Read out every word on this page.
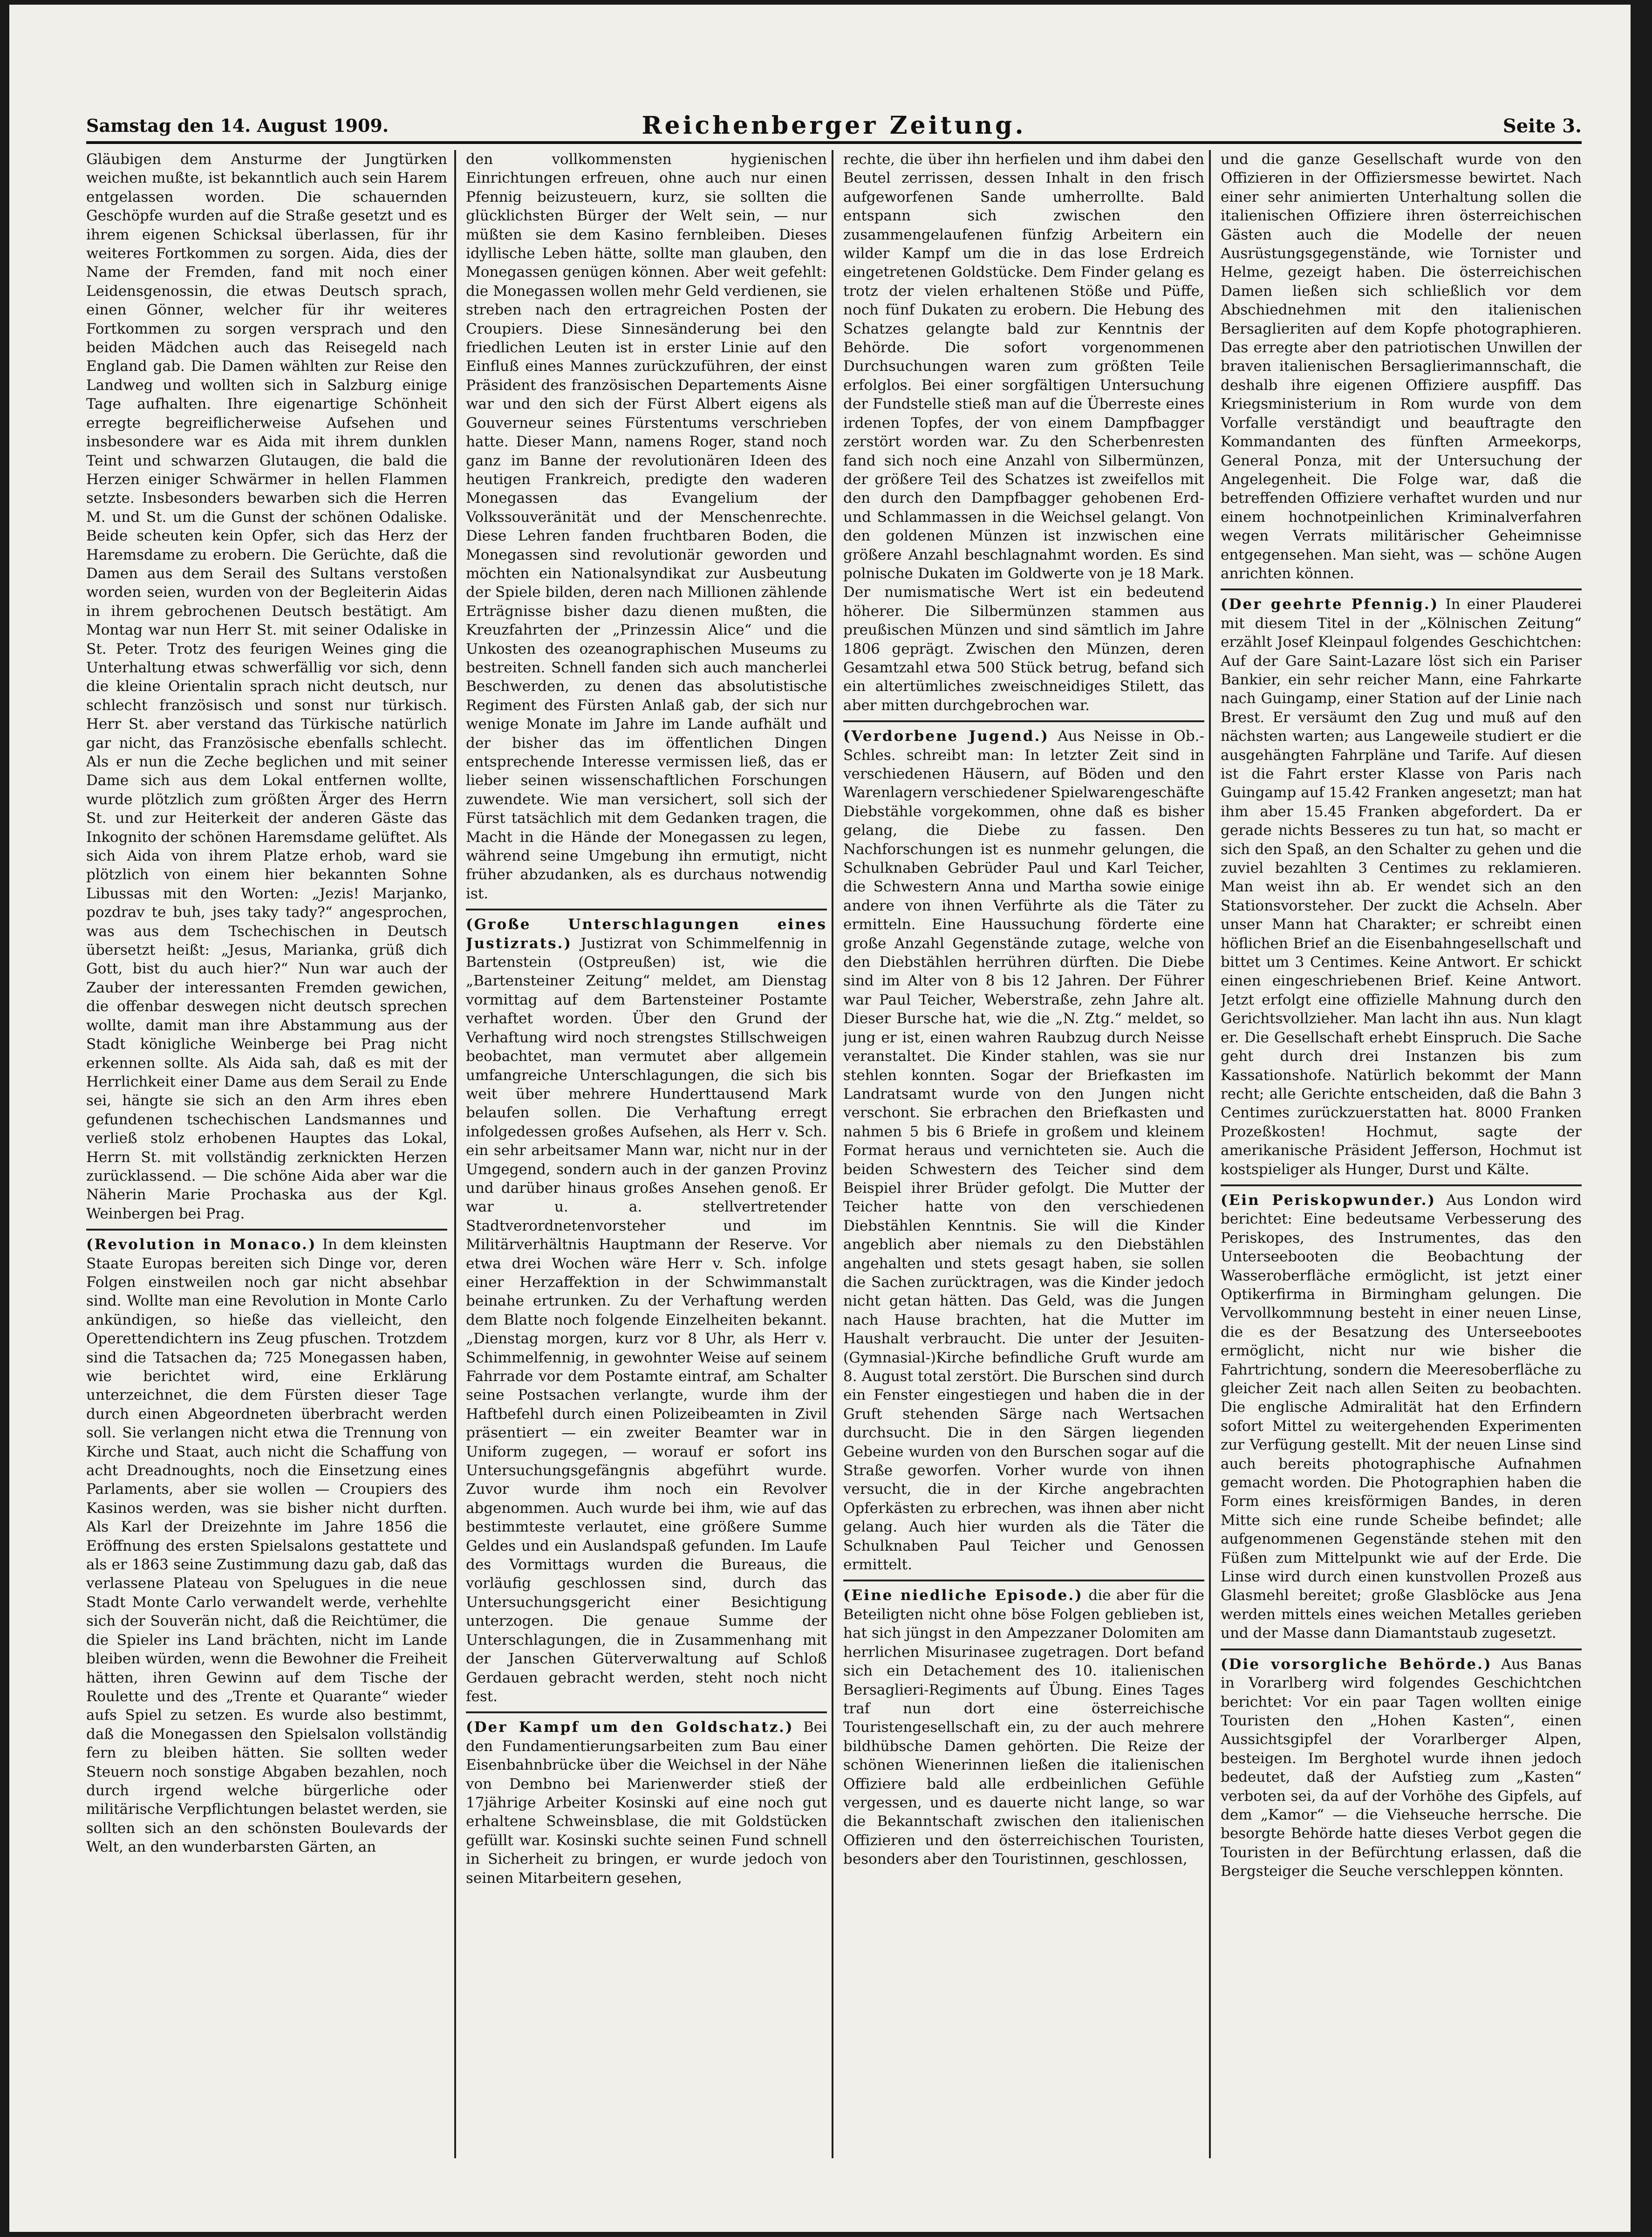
Samstag den 14. August 1909.	Reichenberger Zeitung.	Seite 3.

Gläubigen dem Ansturme der Jungtürken weichen mußte, ist bekanntlich auch sein Harem entgelassen worden. Die schauernden Geschöpfe wurden auf die Straße gesetzt und es ihrem eigenen Schicksal überlassen, für ihr weiteres Fortkommen zu sorgen. Aida, dies der Name der Fremden, fand mit noch einer Leidensgenossin, die etwas Deutsch sprach, einen Gönner, welcher für ihr weiteres Fortkommen zu sorgen versprach und den beiden Mädchen auch das Reisegeld nach England gab. Die Damen wählten zur Reise den Landweg und wollten sich in Salzburg einige Tage aufhalten. Ihre eigenartige Schönheit erregte begreiflicherweise Aufsehen und insbesondere war es Aida mit ihrem dunklen Teint und schwarzen Glutaugen, die bald die Herzen einiger Schwärmer in hellen Flammen setzte. Insbesonders bewarben sich die Herren M. und St. um die Gunst der schönen Odaliske. Beide scheuten kein Opfer, sich das Herz der Haremsdame zu erobern. Die Gerüchte, daß die Damen aus dem Serail des Sultans verstoßen worden seien, wurden von der Begleiterin Aidas in ihrem gebrochenen Deutsch bestätigt. Am Montag war nun Herr St. mit seiner Odaliske in St. Peter. Trotz des feurigen Weines ging die Unterhaltung etwas schwerfällig vor sich, denn die kleine Orientalin sprach nicht deutsch, nur schlecht französisch und sonst nur türkisch. Herr St. aber verstand das Türkische natürlich gar nicht, das Französische ebenfalls schlecht. Als er nun die Zeche beglichen und mit seiner Dame sich aus dem Lokal entfernen wollte, wurde plötzlich zum größten Ärger des Herrn St. und zur Heiterkeit der anderen Gäste das Inkognito der schönen Haremsdame gelüftet. Als sich Aida von ihrem Platze erhob, ward sie plötzlich von einem hier bekannten Sohne Libussas mit den Worten: „Jezis! Marjanko, pozdrav te buh, jses taky tady?“ angesprochen, was aus dem Tschechischen in Deutsch übersetzt heißt: „Jesus, Marianka, grüß dich Gott, bist du auch hier?“ Nun war auch der Zauber der interessanten Fremden gewichen, die offenbar deswegen nicht deutsch sprechen wollte, damit man ihre Abstammung aus der Stadt königliche Weinberge bei Prag nicht erkennen sollte. Als Aida sah, daß es mit der Herrlichkeit einer Dame aus dem Serail zu Ende sei, hängte sie sich an den Arm ihres eben gefundenen tschechischen Landsmannes und verließ stolz erhobenen Hauptes das Lokal, Herrn St. mit vollständig zerknickten Herzen zurücklassend. — Die schöne Aida aber war die Näherin Marie Prochaska aus der Kgl. Weinbergen bei Prag.

(Revolution in Monaco.) In dem kleinsten Staate Europas bereiten sich Dinge vor, deren Folgen einstweilen noch gar nicht absehbar sind. Wollte man eine Revolution in Monte Carlo ankündigen, so hieße das vielleicht, den Operettendichtern ins Zeug pfuschen. Trotzdem sind die Tatsachen da; 725 Monegassen haben, wie berichtet wird, eine Erklärung unterzeichnet, die dem Fürsten dieser Tage durch einen Abgeordneten überbracht werden soll. Sie verlangen nicht etwa die Trennung von Kirche und Staat, auch nicht die Schaffung von acht Dreadnoughts, noch die Einsetzung eines Parlaments, aber sie wollen — Croupiers des Kasinos werden, was sie bisher nicht durften. Als Karl der Dreizehnte im Jahre 1856 die Eröffnung des ersten Spielsalons gestattete und als er 1863 seine Zustimmung dazu gab, daß das verlassene Plateau von Spelugues in die neue Stadt Monte Carlo verwandelt werde, verhehlte sich der Souverän nicht, daß die Reichtümer, die die Spieler ins Land brächten, nicht im Lande bleiben würden, wenn die Bewohner die Freiheit hätten, ihren Gewinn auf dem Tische der Roulette und des „Trente et Quarante“ wieder aufs Spiel zu setzen. Es wurde also bestimmt, daß die Monegassen den Spielsalon vollständig fern zu bleiben hätten. Sie sollten weder Steuern noch sonstige Abgaben bezahlen, noch durch irgend welche bürgerliche oder militärische Verpflichtungen belastet werden, sie sollten sich an den schönsten Boulevards der Welt, an den wunderbarsten Gärten, an

den vollkommensten hygienischen Einrichtungen erfreuen, ohne auch nur einen Pfennig beizusteuern, kurz, sie sollten die glücklichsten Bürger der Welt sein, — nur müßten sie dem Kasino fernbleiben. Dieses idyllische Leben hätte, sollte man glauben, den Monegassen genügen können. Aber weit gefehlt: die Monegassen wollen mehr Geld verdienen, sie streben nach den ertragreichen Posten der Croupiers. Diese Sinnesänderung bei den friedlichen Leuten ist in erster Linie auf den Einfluß eines Mannes zurückzuführen, der einst Präsident des französischen Departements Aisne war und den sich der Fürst Albert eigens als Gouverneur seines Fürstentums verschrieben hatte. Dieser Mann, namens Roger, stand noch ganz im Banne der revolutionären Ideen des heutigen Frankreich, predigte den waderen Monegassen das Evangelium der Volkssouveränität und der Menschenrechte. Diese Lehren fanden fruchtbaren Boden, die Monegassen sind revolutionär geworden und möchten ein Nationalsyndikat zur Ausbeutung der Spiele bilden, deren nach Millionen zählende Erträgnisse bisher dazu dienen mußten, die Kreuzfahrten der „Prinzessin Alice“ und die Unkosten des ozeanographischen Museums zu bestreiten. Schnell fanden sich auch mancherlei Beschwerden, zu denen das absolutistische Regiment des Fürsten Anlaß gab, der sich nur wenige Monate im Jahre im Lande aufhält und der bisher das im öffentlichen Dingen entsprechende Interesse vermissen ließ, das er lieber seinen wissenschaftlichen Forschungen zuwendete. Wie man versichert, soll sich der Fürst tatsächlich mit dem Gedanken tragen, die Macht in die Hände der Monegassen zu legen, während seine Umgebung ihn ermutigt, nicht früher abzudanken, als es durchaus notwendig ist.

(Große Unterschlagungen eines Justizrats.) Justizrat von Schimmelfennig in Bartenstein (Ostpreußen) ist, wie die „Bartensteiner Zeitung“ meldet, am Dienstag vormittag auf dem Bartensteiner Postamte verhaftet worden. Über den Grund der Verhaftung wird noch strengstes Stillschweigen beobachtet, man vermutet aber allgemein umfangreiche Unterschlagungen, die sich bis weit über mehrere Hunderttausend Mark belaufen sollen. Die Verhaftung erregt infolgedessen großes Aufsehen, als Herr v. Sch. ein sehr arbeitsamer Mann war, nicht nur in der Umgegend, sondern auch in der ganzen Provinz und darüber hinaus großes Ansehen genoß. Er war u. a. stellvertretender Stadtverordnetenvorsteher und im Militärverhältnis Hauptmann der Reserve. Vor etwa drei Wochen wäre Herr v. Sch. infolge einer Herzaffektion in der Schwimmanstalt beinahe ertrunken. Zu der Verhaftung werden dem Blatte noch folgende Einzelheiten bekannt. „Dienstag morgen, kurz vor 8 Uhr, als Herr v. Schimmelfennig, in gewohnter Weise auf seinem Fahrrade vor dem Postamte eintraf, am Schalter seine Postsachen verlangte, wurde ihm der Haftbefehl durch einen Polizeibeamten in Zivil präsentiert — ein zweiter Beamter war in Uniform zugegen, — worauf er sofort ins Untersuchungsgefängnis abgeführt wurde. Zuvor wurde ihm noch ein Revolver abgenommen. Auch wurde bei ihm, wie auf das bestimmteste verlautet, eine größere Summe Geldes und ein Auslandspaß gefunden. Im Laufe des Vormittags wurden die Bureaus, die vorläufig geschlossen sind, durch das Untersuchungsgericht einer Besichtigung unterzogen. Die genaue Summe der Unterschlagungen, die in Zusammenhang mit der Janschen Güterverwaltung auf Schloß Gerdauen gebracht werden, steht noch nicht fest.

(Der Kampf um den Goldschatz.) Bei den Fundamentierungsarbeiten zum Bau einer Eisenbahnbrücke über die Weichsel in der Nähe von Dembno bei Marienwerder stieß der 17jährige Arbeiter Kosinski auf eine noch gut erhaltene Schweinsblase, die mit Goldstücken gefüllt war. Kosinski suchte seinen Fund schnell in Sicherheit zu bringen, er wurde jedoch von seinen Mitarbeitern gesehen,

rechte, die über ihn herfielen und ihm dabei den Beutel zerrissen, dessen Inhalt in den frisch aufgeworfenen Sande umherrollte. Bald entspann sich zwischen den zusammengelaufenen fünfzig Arbeitern ein wilder Kampf um die in das lose Erdreich eingetretenen Goldstücke. Dem Finder gelang es trotz der vielen erhaltenen Stöße und Püffe, noch fünf Dukaten zu erobern. Die Hebung des Schatzes gelangte bald zur Kenntnis der Behörde. Die sofort vorgenommenen Durchsuchungen waren zum größten Teile erfolglos. Bei einer sorgfältigen Untersuchung der Fundstelle stieß man auf die Überreste eines irdenen Topfes, der von einem Dampfbagger zerstört worden war. Zu den Scherbenresten fand sich noch eine Anzahl von Silbermünzen, der größere Teil des Schatzes ist zweifellos mit den durch den Dampfbagger gehobenen Erd- und Schlammassen in die Weichsel gelangt. Von den goldenen Münzen ist inzwischen eine größere Anzahl beschlagnahmt worden. Es sind polnische Dukaten im Goldwerte von je 18 Mark. Der numismatische Wert ist ein bedeutend höherer. Die Silbermünzen stammen aus preußischen Münzen und sind sämtlich im Jahre 1806 geprägt. Zwischen den Münzen, deren Gesamtzahl etwa 500 Stück betrug, befand sich ein altertümliches zweischneidiges Stilett, das aber mitten durchgebrochen war.

(Verdorbene Jugend.) Aus Neisse in Ob.-Schles. schreibt man: In letzter Zeit sind in verschiedenen Häusern, auf Böden und den Warenlagern verschiedener Spielwarengeschäfte Diebstähle vorgekommen, ohne daß es bisher gelang, die Diebe zu fassen. Den Nachforschungen ist es nunmehr gelungen, die Schulknaben Gebrüder Paul und Karl Teicher, die Schwestern Anna und Martha sowie einige andere von ihnen Verführte als die Täter zu ermitteln. Eine Haussuchung förderte eine große Anzahl Gegenstände zutage, welche von den Diebstählen herrühren dürften. Die Diebe sind im Alter von 8 bis 12 Jahren. Der Führer war Paul Teicher, Weberstraße, zehn Jahre alt. Dieser Bursche hat, wie die „N. Ztg.“ meldet, so jung er ist, einen wahren Raubzug durch Neisse veranstaltet. Die Kinder stahlen, was sie nur stehlen konnten. Sogar der Briefkasten im Landratsamt wurde von den Jungen nicht verschont. Sie erbrachen den Briefkasten und nahmen 5 bis 6 Briefe in großem und kleinem Format heraus und vernichteten sie. Auch die beiden Schwestern des Teicher sind dem Beispiel ihrer Brüder gefolgt. Die Mutter der Teicher hatte von den verschiedenen Diebstählen Kenntnis. Sie will die Kinder angeblich aber niemals zu den Diebstählen angehalten und stets gesagt haben, sie sollen die Sachen zurücktragen, was die Kinder jedoch nicht getan hätten. Das Geld, was die Jungen nach Hause brachten, hat die Mutter im Haushalt verbraucht. Die unter der Jesuiten-(Gymnasial-)Kirche befindliche Gruft wurde am 8. August total zerstört. Die Burschen sind durch ein Fenster eingestiegen und haben die in der Gruft stehenden Särge nach Wertsachen durchsucht. Die in den Särgen liegenden Gebeine wurden von den Burschen sogar auf die Straße geworfen. Vorher wurde von ihnen versucht, die in der Kirche angebrachten Opferkästen zu erbrechen, was ihnen aber nicht gelang. Auch hier wurden als die Täter die Schulknaben Paul Teicher und Genossen ermittelt.

(Eine niedliche Episode.) die aber für die Beteiligten nicht ohne böse Folgen geblieben ist, hat sich jüngst in den Ampezzaner Dolomiten am herrlichen Misurinasee zugetragen. Dort befand sich ein Detachement des 10. italienischen Bersaglieri-Regiments auf Übung. Eines Tages traf nun dort eine österreichische Touristengesellschaft ein, zu der auch mehrere bildhübsche Damen gehörten. Die Reize der schönen Wienerinnen ließen die italienischen Offiziere bald alle erdbeinlichen Gefühle vergessen, und es dauerte nicht lange, so war die Bekanntschaft zwischen den italienischen Offizieren und den österreichischen Touristen, besonders aber den Touristinnen, geschlossen,

und die ganze Gesellschaft wurde von den Offizieren in der Offiziersmesse bewirtet. Nach einer sehr animierten Unterhaltung sollen die italienischen Offiziere ihren österreichischen Gästen auch die Modelle der neuen Ausrüstungsgegenstände, wie Tornister und Helme, gezeigt haben. Die österreichischen Damen ließen sich schließlich vor dem Abschiednehmen mit den italienischen Bersaglieriten auf dem Kopfe photographieren. Das erregte aber den patriotischen Unwillen der braven italienischen Bersaglierimannschaft, die deshalb ihre eigenen Offiziere auspfiff. Das Kriegsministerium in Rom wurde von dem Vorfalle verständigt und beauftragte den Kommandanten des fünften Armeekorps, General Ponza, mit der Untersuchung der Angelegenheit. Die Folge war, daß die betreffenden Offiziere verhaftet wurden und nur einem hochnotpeinlichen Kriminalverfahren wegen Verrats militärischer Geheimnisse entgegensehen. Man sieht, was — schöne Augen anrichten können.

(Der geehrte Pfennig.) In einer Plauderei mit diesem Titel in der „Kölnischen Zeitung“ erzählt Josef Kleinpaul folgendes Geschichtchen: Auf der Gare Saint-Lazare löst sich ein Pariser Bankier, ein sehr reicher Mann, eine Fahrkarte nach Guingamp, einer Station auf der Linie nach Brest. Er versäumt den Zug und muß auf den nächsten warten; aus Langeweile studiert er die ausgehängten Fahrpläne und Tarife. Auf diesen ist die Fahrt erster Klasse von Paris nach Guingamp auf 15.42 Franken angesetzt; man hat ihm aber 15.45 Franken abgefordert. Da er gerade nichts Besseres zu tun hat, so macht er sich den Spaß, an den Schalter zu gehen und die zuviel bezahlten 3 Centimes zu reklamieren. Man weist ihn ab. Er wendet sich an den Stationsvorsteher. Der zuckt die Achseln. Aber unser Mann hat Charakter; er schreibt einen höflichen Brief an die Eisenbahngesellschaft und bittet um 3 Centimes. Keine Antwort. Er schickt einen eingeschriebenen Brief. Keine Antwort. Jetzt erfolgt eine offizielle Mahnung durch den Gerichtsvollzieher. Man lacht ihn aus. Nun klagt er. Die Gesellschaft erhebt Einspruch. Die Sache geht durch drei Instanzen bis zum Kassationshofe. Natürlich bekommt der Mann recht; alle Gerichte entscheiden, daß die Bahn 3 Centimes zurückzuerstatten hat. 8000 Franken Prozeßkosten! Hochmut, sagte der amerikanische Präsident Jefferson, Hochmut ist kostspieliger als Hunger, Durst und Kälte.

(Ein Periskopwunder.) Aus London wird berichtet: Eine bedeutsame Verbesserung des Periskopes, des Instrumentes, das den Unterseebooten die Beobachtung der Wasseroberfläche ermöglicht, ist jetzt einer Optikerfirma in Birmingham gelungen. Die Vervollkommnung besteht in einer neuen Linse, die es der Besatzung des Unterseebootes ermöglicht, nicht nur wie bisher die Fahrtrichtung, sondern die Meeresoberfläche zu gleicher Zeit nach allen Seiten zu beobachten. Die englische Admiralität hat den Erfindern sofort Mittel zu weitergehenden Experimenten zur Verfügung gestellt. Mit der neuen Linse sind auch bereits photographische Aufnahmen gemacht worden. Die Photographien haben die Form eines kreisförmigen Bandes, in deren Mitte sich eine runde Scheibe befindet; alle aufgenommenen Gegenstände stehen mit den Füßen zum Mittelpunkt wie auf der Erde. Die Linse wird durch einen kunstvollen Prozeß aus Glasmehl bereitet; große Glasblöcke aus Jena werden mittels eines weichen Metalles gerieben und der Masse dann Diamantstaub zugesetzt.

(Die vorsorgliche Behörde.) Aus Banas in Vorarlberg wird folgendes Geschichtchen berichtet: Vor ein paar Tagen wollten einige Touristen den „Hohen Kasten“, einen Aussichtsgipfel der Vorarlberger Alpen, besteigen. Im Berghotel wurde ihnen jedoch bedeutet, daß der Aufstieg zum „Kasten“ verboten sei, da auf der Vorhöhe des Gipfels, auf dem „Kamor“ — die Viehseuche herrsche. Die besorgte Behörde hatte dieses Verbot gegen die Touristen in der Befürchtung erlassen, daß die Bergsteiger die Seuche verschleppen könnten.
